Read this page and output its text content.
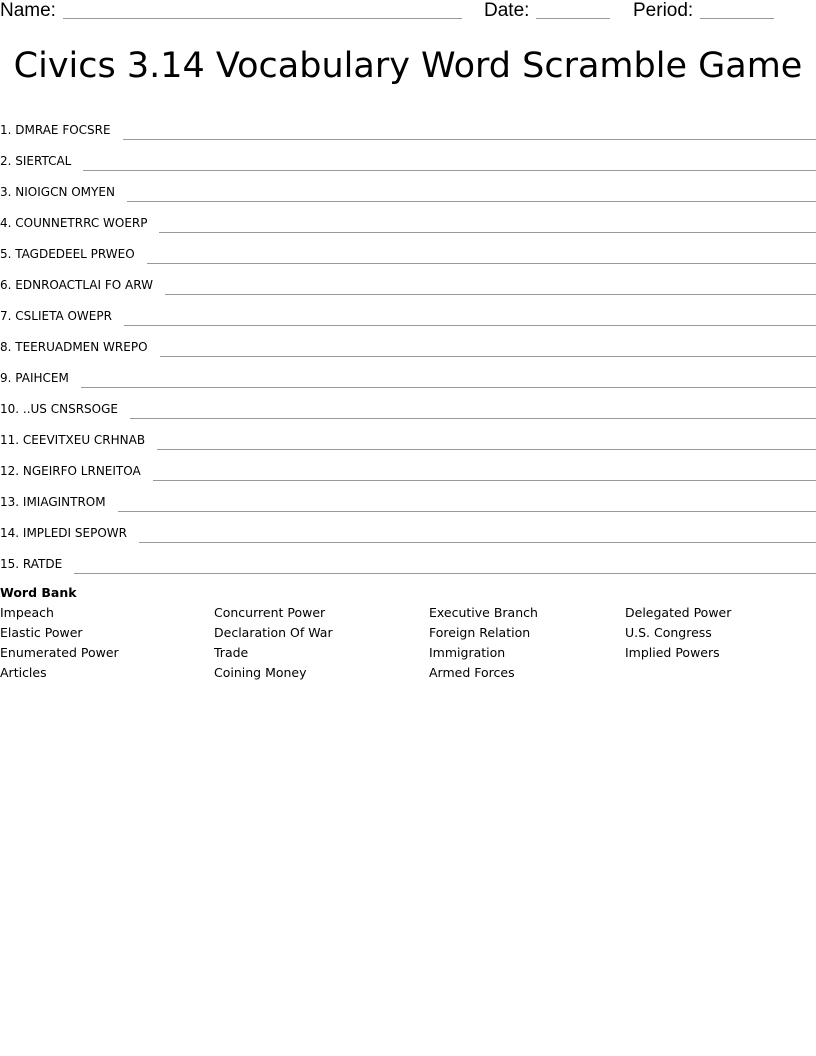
Name:	Date:	Period:
Civics 3.14 Vocabulary Word Scramble Game
1. DMRAE FOCSRE
2. SIERTCAL
3. NIOIGCN OMYEN
4. COUNNETRRC WOERP
5. TAGDEDEEL PRWEO
6. EDNROACTLAI FO ARW
7. CSLIETA OWEPR
8. TEERUADMEN WREPO
9. PAIHCEM
10. ..US CNSRSOGE
11. CEEVITXEU CRHNAB
12. NGEIRFO LRNEITOA
13. IMIAGINTROM
14. IMPLEDI SEPOWR
15. RATDE
Word Bank
Impeach
Elastic Power
Enumerated Power
Articles
Concurrent Power
Declaration Of War
Trade
Coining Money
Executive Branch
Foreign Relation
Immigration
Armed Forces
Delegated Power
U.S. Congress
Implied Powers
